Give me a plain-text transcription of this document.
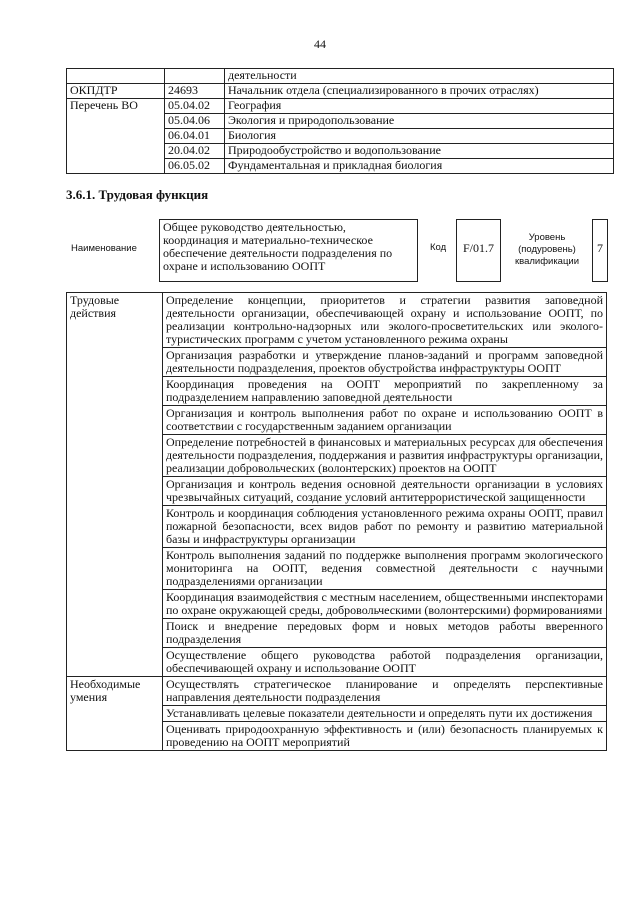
44
		деятельности
ОКПДТР	24693	Начальник отдела (специализированного в прочих отраслях)
Перечень ВО	05.04.02	География
	05.04.06	Экология и природопользование
	06.04.01	Биология
	20.04.02	Природообустройство и водопользование
	06.05.02	Фундаментальная и прикладная биология
3.6.1. Трудовая функция
Наименование
Общее руководство деятельностью, координация и материально-техническое обеспечение деятельности подразделения по охране и использованию ООПТ
Код	F/01.7
Уровень (подуровень) квалификации
7
Трудовые действия	Определение концепции, приоритетов и стратегии развития заповедной деятельности организации, обеспечивающей охрану и использование ООПТ, по реализации контрольно-надзорных или эколого-просветительских или эколого-туристических программ с учетом установленного режима охраны
	Организация разработки и утверждение планов-заданий и программ заповедной деятельности подразделения, проектов обустройства инфраструктуры ООПТ
	Координация проведения на ООПТ мероприятий по закрепленному за подразделением направлению заповедной деятельности
	Организация и контроль выполнения работ по охране и использованию ООПТ в соответствии с государственным заданием организации
	Определение потребностей в финансовых и материальных ресурсах для обеспечения деятельности подразделения, поддержания и развития инфраструктуры организации, реализации добровольческих (волонтерских) проектов на ООПТ
	Организация и контроль ведения основной деятельности организации в условиях чрезвычайных ситуаций, создание условий антитеррористической защищенности
	Контроль и координация соблюдения установленного режима охраны ООПТ, правил пожарной безопасности, всех видов работ по ремонту и развитию материальной базы и инфраструктуры организации
	Контроль выполнения заданий по поддержке выполнения программ экологического мониторинга на ООПТ, ведения совместной деятельности с научными подразделениями организации
	Координация взаимодействия с местным населением, общественными инспекторами по охране окружающей среды, добровольческими (волонтерскими) формированиями
	Поиск и внедрение передовых форм и новых методов работы вверенного подразделения
	Осуществление общего руководства работой подразделения организации, обеспечивающей охрану и использование ООПТ
Необходимые умения	Осуществлять стратегическое планирование и определять перспективные направления деятельности подразделения
	Устанавливать целевые показатели деятельности и определять пути их достижения
	Оценивать природоохранную эффективность и (или) безопасность планируемых к проведению на ООПТ мероприятий
